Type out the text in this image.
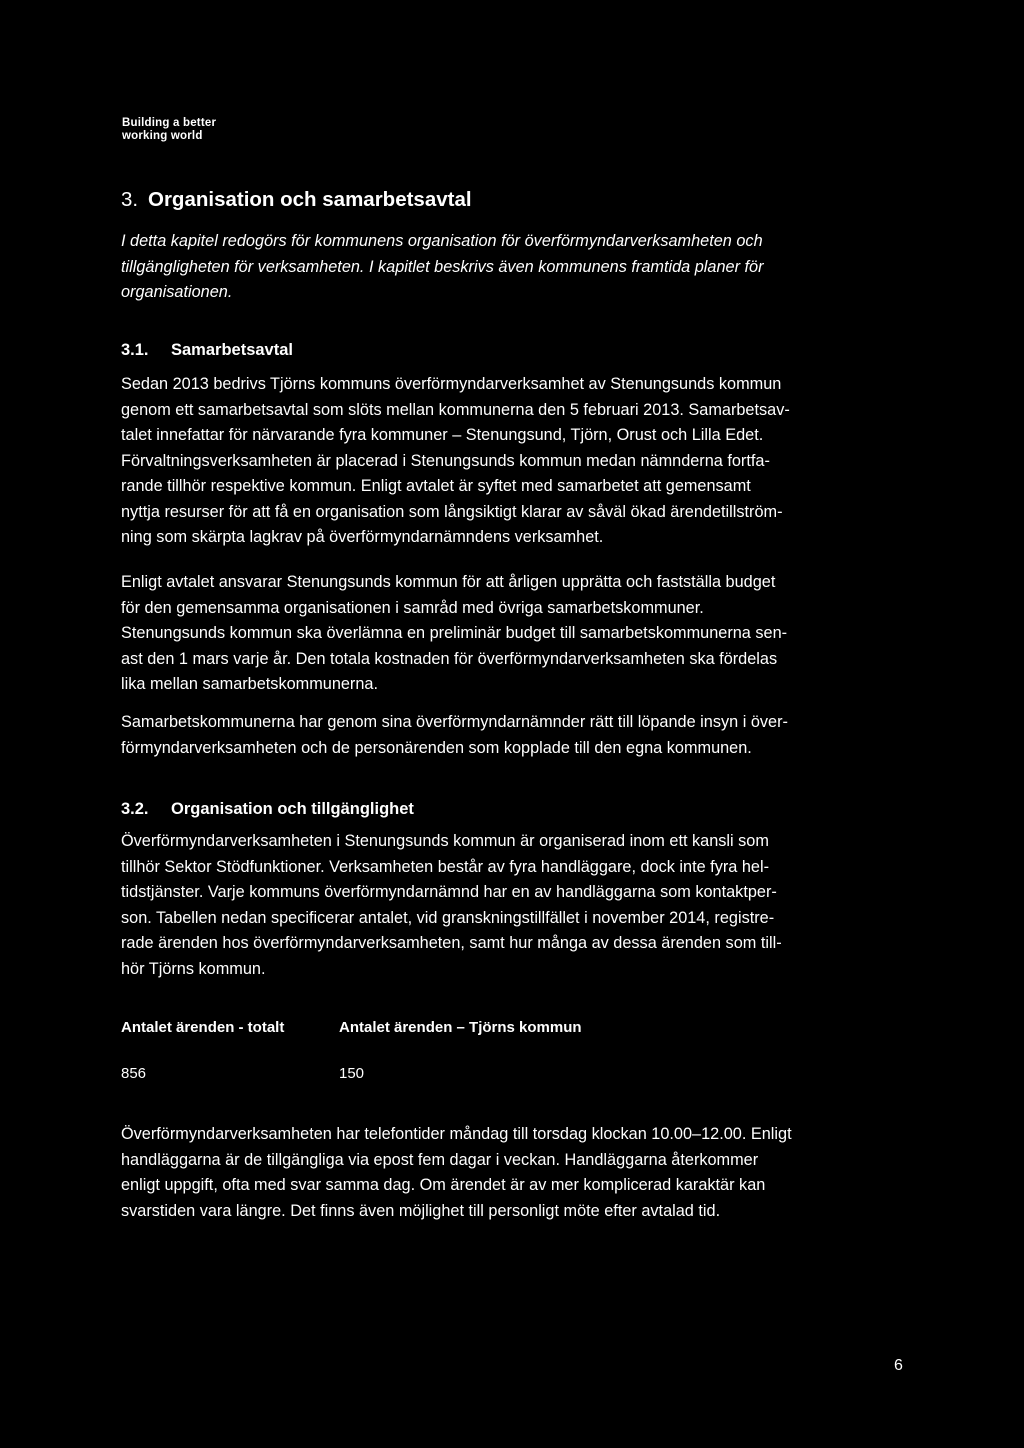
Building a better
working world
3. Organisation och samarbetsavtal

I detta kapitel redogörs för kommunens organisation för överförmyndarverksamheten och
tillgängligheten för verksamheten. I kapitlet beskrivs även kommunens framtida planer för
organisationen.

3.1. Samarbetsavtal

Sedan 2013 bedrivs Tjörns kommuns överförmyndarverksamhet av Stenungsunds kommun
genom ett samarbetsavtal som slöts mellan kommunerna den 5 februari 2013. Samarbetsav-
talet innefattar för närvarande fyra kommuner – Stenungsund, Tjörn, Orust och Lilla Edet.
Förvaltningsverksamheten är placerad i Stenungsunds kommun medan nämnderna fortfa-
rande tillhör respektive kommun. Enligt avtalet är syftet med samarbetet att gemensamt
nyttja resurser för att få en organisation som långsiktigt klarar av såväl ökad ärendetillström-
ning som skärpta lagkrav på överförmyndarnämndens verksamhet.

Enligt avtalet ansvarar Stenungsunds kommun för att årligen upprätta och fastställa budget
för den gemensamma organisationen i samråd med övriga samarbetskommuner.
Stenungsunds kommun ska överlämna en preliminär budget till samarbetskommunerna sen-
ast den 1 mars varje år. Den totala kostnaden för överförmyndarverksamheten ska fördelas
lika mellan samarbetskommunerna.

Samarbetskommunerna har genom sina överförmyndarnämnder rätt till löpande insyn i över-
förmyndarverksamheten och de personärenden som kopplade till den egna kommunen.

3.2. Organisation och tillgänglighet

Överförmyndarverksamheten i Stenungsunds kommun är organiserad inom ett kansli som
tillhör Sektor Stödfunktioner. Verksamheten består av fyra handläggare, dock inte fyra hel-
tidstjänster. Varje kommuns överförmyndarnämnd har en av handläggarna som kontaktper-
son. Tabellen nedan specificerar antalet, vid granskningstillfället i november 2014, registre-
rade ärenden hos överförmyndarverksamheten, samt hur många av dessa ärenden som till-
hör Tjörns kommun.

Antalet ärenden - totalt	Antalet ärenden – Tjörns kommun
856	150

Överförmyndarverksamheten har telefontider måndag till torsdag klockan 10.00–12.00. Enligt
handläggarna är de tillgängliga via epost fem dagar i veckan. Handläggarna återkommer
enligt uppgift, ofta med svar samma dag. Om ärendet är av mer komplicerad karaktär kan
svarstiden vara längre. Det finns även möjlighet till personligt möte efter avtalad tid.

6
